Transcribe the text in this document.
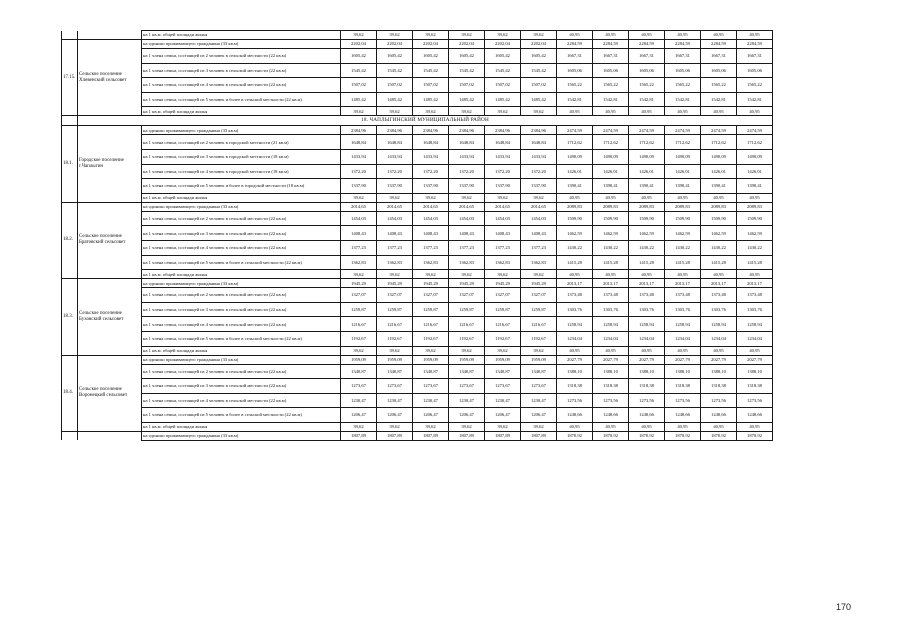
		на 1 кв.м. общей площади жилья	39,62	39,62	39,62	39,62	39,62	39,62	40,95	40,95	40,95	40,95	40,95	40,95
17.15.	Сельское поселение Хлевенский сельсовет	на одиноко проживающего гражданина (33 кв.м)	2202,04	2202,04	2202,04	2202,04	2202,04	2202,04	2284,59	2284,59	2284,59	2284,59	2284,59	2284,59
		на 1 члена семьи, состоящей из 2 человек в сельской местности (22 кв.м)	1605,42	1605,42	1605,42	1605,42	1605,42	1605,42	1667,31	1667,31	1667,31	1667,31	1667,31	1667,31
		на 1 члена семьи, состоящей из 3 человек в сельской местности (22 кв.м)	1545,42	1545,42	1545,42	1545,42	1545,42	1545,42	1605,06	1605,06	1605,06	1605,06	1605,06	1605,06
		на 1 члена семьи, состоящей из 4 человек в сельской местности (22 кв.м)	1507,02	1507,02	1507,02	1507,02	1507,02	1507,02	1565,22	1565,22	1565,22	1565,22	1565,22	1565,22
		на 1 члена семьи, состоящей из 5 человек и более в сельской местности (22 кв.м)	1485,42	1485,42	1485,42	1485,42	1485,42	1485,42	1542,81	1542,81	1542,81	1542,81	1542,81	1542,81
		на 1 кв.м. общей площади жилья	39,62	39,62	39,62	39,62	39,62	39,62	40,95	40,95	40,95	40,95	40,95	40,95
	18. ЧАПЛЫГИНСКИЙ МУНИЦИПАЛЬНЫЙ РАЙОН													
18.1.	Городское поселение г.Чаплыгин	на одиноко проживающего гражданина (33 кв.м)	2384,96	2384,96	2384,96	2384,96	2384,96	2384,96	2474,59	2474,59	2474,59	2474,59	2474,59	2474,59
		на 1 члена семьи, состоящей из 2 человек в городской местности (21 кв.м)	1648,84	1648,84	1648,84	1648,84	1648,84	1648,84	1712,62	1712,62	1712,62	1712,62	1712,62	1712,62
		на 1 члена семьи, состоящей из 3 человек в городской местности (18 кв.м)	1433,94	1433,94	1433,94	1433,94	1433,94	1433,94	1490,09	1490,09	1490,09	1490,09	1490,09	1490,09
		на 1 члена семьи, состоящей из 4 человек в городской местности (18 кв.м)	1372,20	1372,20	1372,20	1372,20	1372,20	1372,20	1426,01	1426,01	1426,01	1426,01	1426,01	1426,01
		на 1 члена семьи, состоящей из 5 человек и более в городской местности (18 кв.м)	1337,90	1337,90	1337,90	1337,90	1337,90	1337,90	1390,41	1390,41	1390,41	1390,41	1390,41	1390,41
		на 1 кв.м. общей площади жилья	39,62	39,62	39,62	39,62	39,62	39,62	40,95	40,95	40,95	40,95	40,95	40,95
18.2.	Сельское поселение Братовский сельсовет	на одиноко проживающего гражданина (33 кв.м)	2014,65	2014,65	2014,65	2014,65	2014,65	2014,65	2089,83	2089,83	2089,83	2089,83	2089,83	2089,83
		на 1 члена семьи, состоящей из 2 человек в сельской местности (22 кв.м)	1454,03	1454,03	1454,03	1454,03	1454,03	1454,03	1509,90	1509,90	1509,90	1509,90	1509,90	1509,90
		на 1 члена семьи, состоящей из 3 человек в сельской местности (22 кв.м)	1408,43	1408,43	1408,43	1408,43	1408,43	1408,43	1462,59	1462,59	1462,59	1462,59	1462,59	1462,59
		на 1 члена семьи, состоящей из 4 человек в сельской местности (22 кв.м)	1377,23	1377,23	1377,23	1377,23	1377,23	1377,23	1430,22	1430,22	1430,22	1430,22	1430,22	1430,22
		на 1 члена семьи, состоящей из 5 человек и более в сельской местности (22 кв.м)	1362,83	1362,83	1362,83	1362,83	1362,83	1362,83	1415,28	1415,28	1415,28	1415,28	1415,28	1415,28
		на 1 кв.м. общей площади жилья	39,62	39,62	39,62	39,62	39,62	39,62	40,95	40,95	40,95	40,95	40,95	40,95
18.3.	Сельское поселение Буховский сельсовет	на одиноко проживающего гражданина (33 кв.м)	1945,29	1945,29	1945,29	1945,29	1945,29	1945,29	2013,17	2013,17	2013,17	2013,17	2013,17	2013,17
		на 1 члена семьи, состоящей из 2 человек в сельской местности (22 кв.м)	1327,07	1327,07	1327,07	1327,07	1327,07	1327,07	1373,48	1373,48	1373,48	1373,48	1373,48	1373,48
		на 1 члена семьи, состоящей из 3 человек в сельской местности (22 кв.м)	1259,87	1259,87	1259,87	1259,87	1259,87	1259,87	1303,76	1303,76	1303,76	1303,76	1303,76	1303,76
		на 1 члена семьи, состоящей из 4 человек в сельской местности (22 кв.м)	1216,67	1216,67	1216,67	1216,67	1216,67	1216,67	1258,94	1258,94	1258,94	1258,94	1258,94	1258,94
		на 1 члена семьи, состоящей из 5 человек и более в сельской местности (22 кв.м)	1192,67	1192,67	1192,67	1192,67	1192,67	1192,67	1234,04	1234,04	1234,04	1234,04	1234,04	1234,04
		на 1 кв.м. общей площади жилья	39,62	39,62	39,62	39,62	39,62	39,62	40,95	40,95	40,95	40,95	40,95	40,95
18.4.	Сельское поселение Воронецкий сельсовет	на одиноко проживающего гражданина (33 кв.м)	1959,09	1959,09	1959,09	1959,09	1959,09	1959,09	2027,79	2027,79	2027,79	2027,79	2027,79	2027,79
		на 1 члена семьи, состоящей из 2 человек в сельской местности (22 кв.м)	1340,87	1340,87	1340,87	1340,87	1340,87	1340,87	1388,10	1388,10	1388,10	1388,10	1388,10	1388,10
		на 1 члена семьи, состоящей из 3 человек в сельской местности (22 кв.м)	1273,67	1273,67	1273,67	1273,67	1273,67	1273,67	1318,38	1318,38	1318,38	1318,38	1318,38	1318,38
		на 1 члена семьи, состоящей из 4 человек в сельской местности (22 кв.м)	1230,47	1230,47	1230,47	1230,47	1230,47	1230,47	1273,56	1273,56	1273,56	1273,56	1273,56	1273,56
		на 1 члена семьи, состоящей из 5 человек и более в сельской местности (22 кв.м)	1206,47	1206,47	1206,47	1206,47	1206,47	1206,47	1248,66	1248,66	1248,66	1248,66	1248,66	1248,66
		на 1 кв.м. общей площади жилья	39,62	39,62	39,62	39,62	39,62	39,62	40,95	40,95	40,95	40,95	40,95	40,95
		на одиноко проживающего гражданина (33 кв.м)	1807,89	1807,89	1807,89	1807,89	1807,89	1807,89	1870,92	1870,92	1870,92	1870,92	1870,92	1870,92
170
